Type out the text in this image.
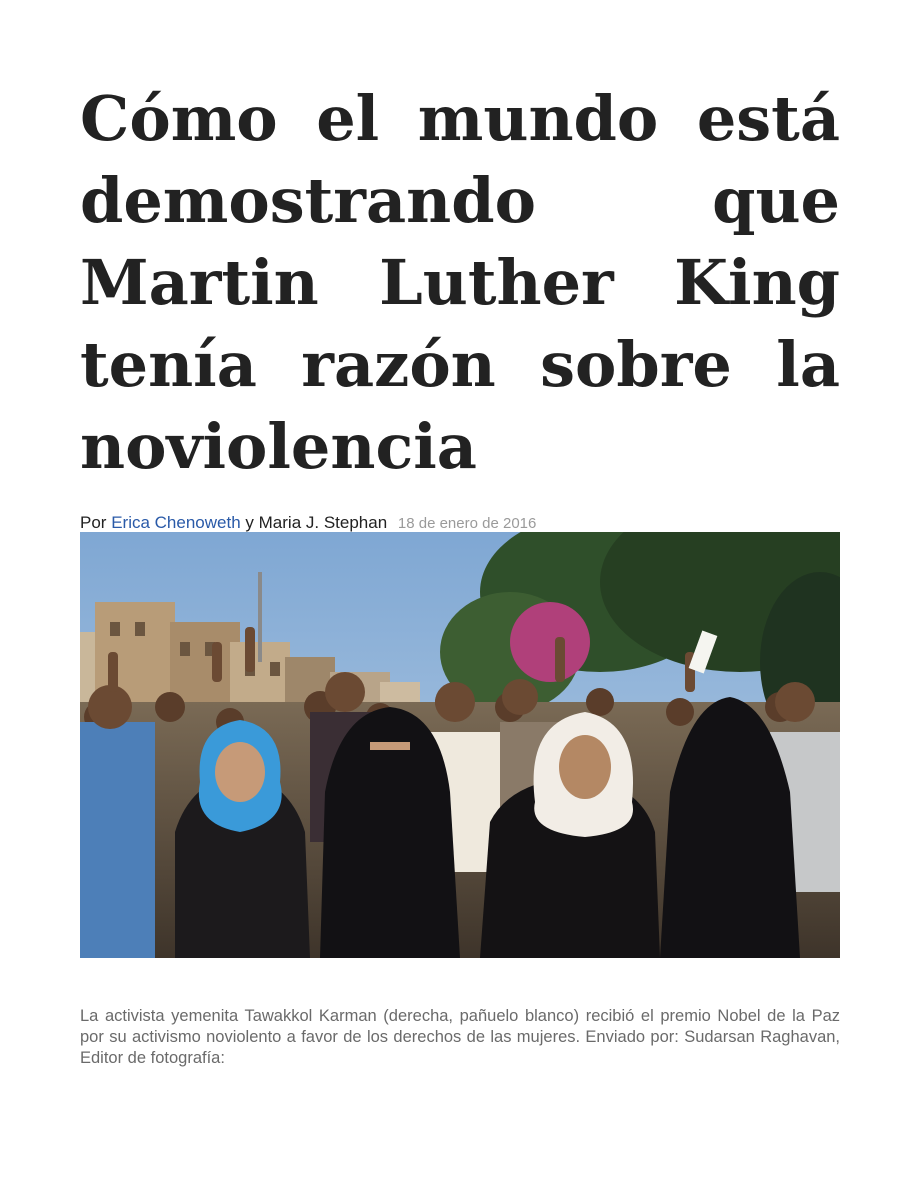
Cómo el mundo está demostrando que Martin Luther King tenía razón sobre la noviolencia
Por Erica Chenoweth y Maria J. Stephan 18 de enero de 2016

La activista yemenita Tawakkol Karman (derecha, pañuelo blanco) recibió el premio Nobel de la Paz por su activismo noviolento a favor de los derechos de las mujeres. Enviado por: Sudarsan Raghavan, Editor de fotografía:
